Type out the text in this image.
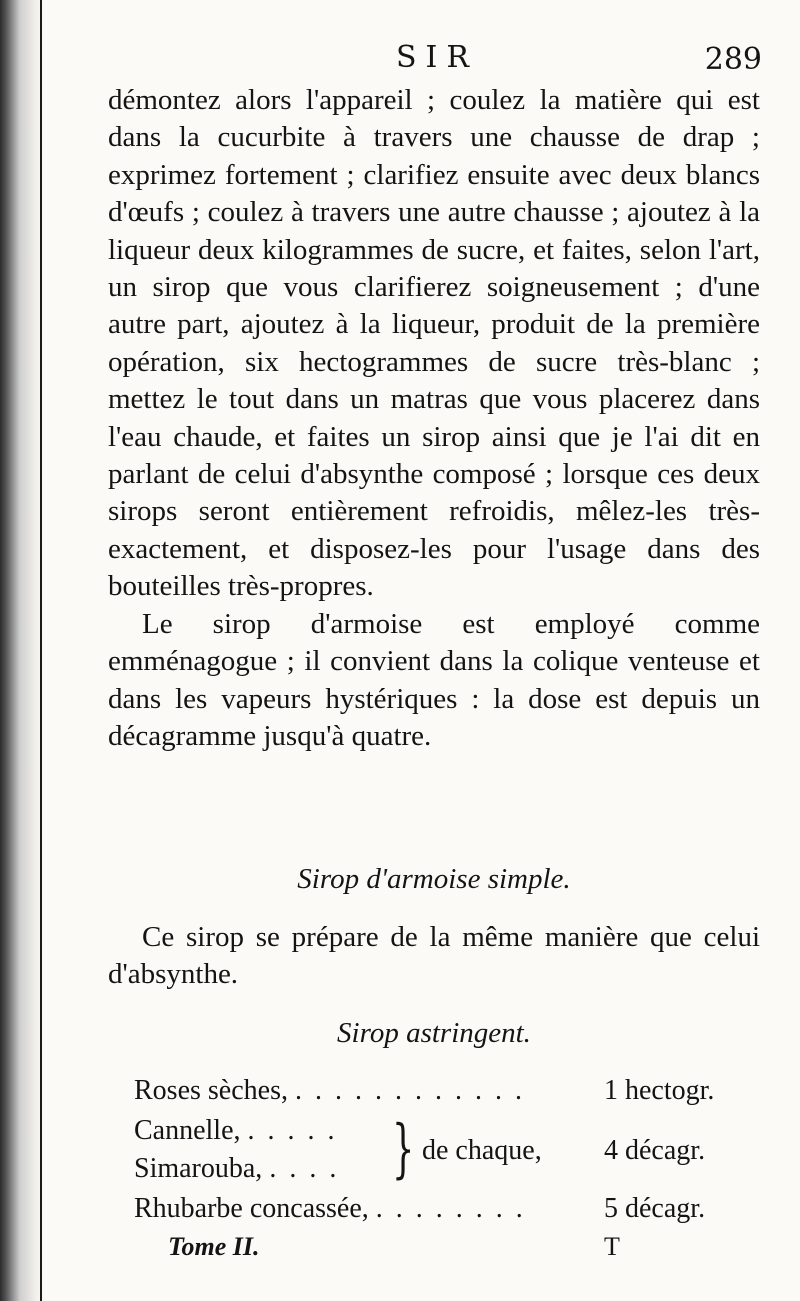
SIR	289

démontez alors l'appareil ; coulez la matière qui est dans la cucurbite à travers une chausse de drap ; exprimez fortement ; clarifiez ensuite avec deux blancs d'œufs ; coulez à travers une autre chausse ; ajoutez à la liqueur deux kilogrammes de sucre, et faites, selon l'art, un sirop que vous clarifierez soigneusement ; d'une autre part, ajoutez à la liqueur, produit de la première opération, six hectogrammes de sucre très-blanc ; mettez le tout dans un matras que vous placerez dans l'eau chaude, et faites un sirop ainsi que je l'ai dit en parlant de celui d'absynthe composé ; lorsque ces deux sirops seront entièrement refroidis, mêlez-les très-exactement, et disposez-les pour l'usage dans des bouteilles très-propres.

Le sirop d'armoise est employé comme emménagogue ; il convient dans la colique venteuse et dans les vapeurs hystériques : la dose est depuis un décagramme jusqu'à quatre.

Sirop d'armoise simple.

Ce sirop se prépare de la même manière que celui d'absynthe.

Sirop astringent.
Roses sèches, . . . . . . . . . . . .	1 hectogr.
Cannelle, . . . . .
Simarouba, . . . . } de chaque, 4 décagr.
Rhubarbe concassée, . . . . . . . .	5 décagr.
Tome II.	T
